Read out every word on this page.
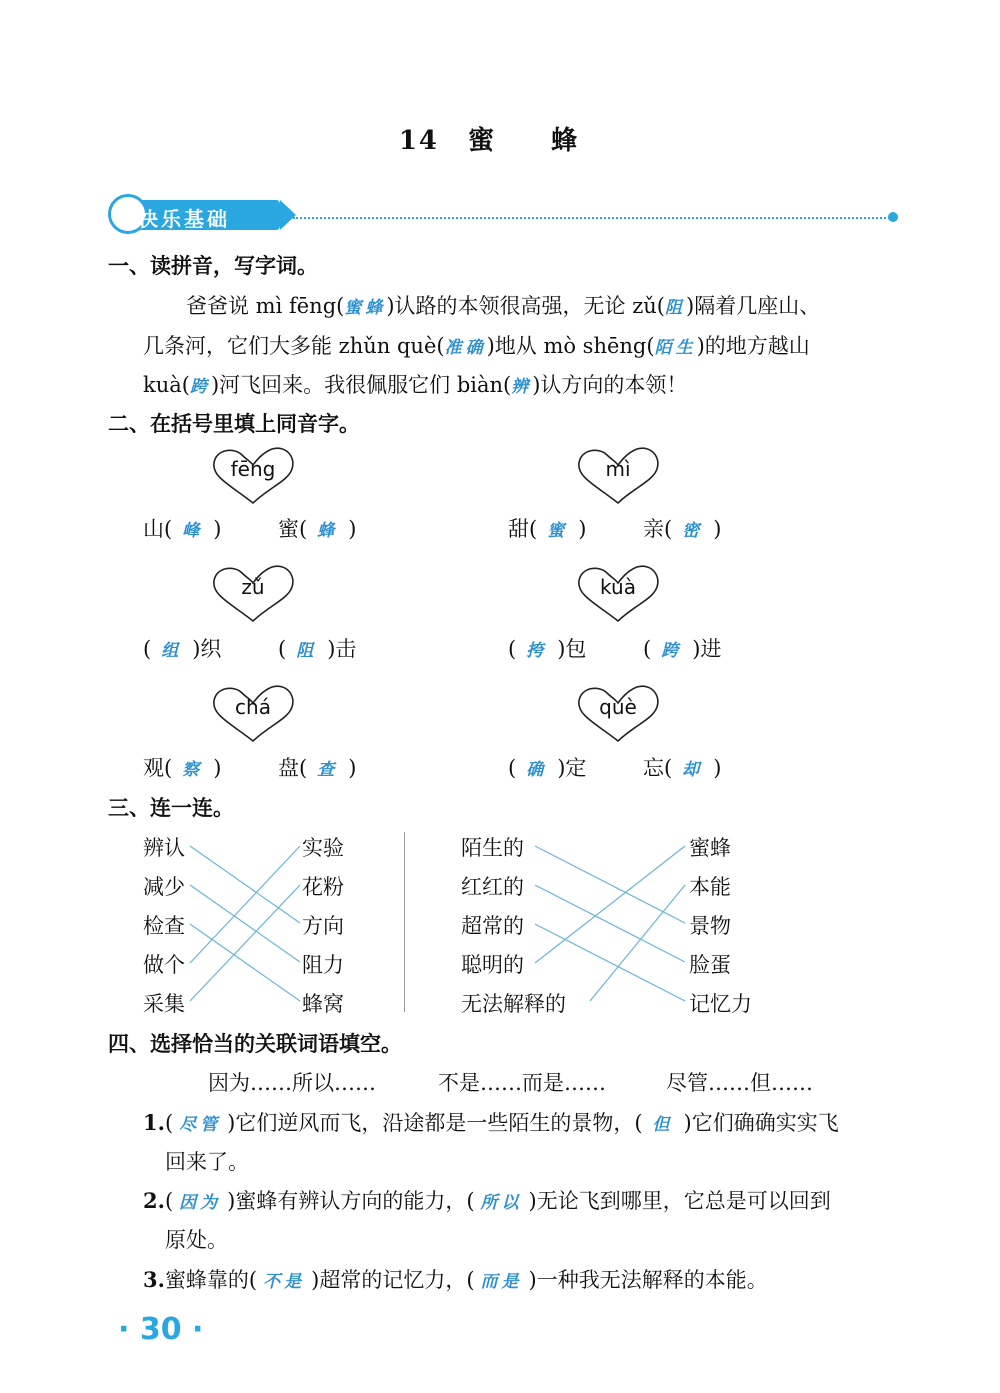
14 蜜 蜂
快乐基础
一、读拼音，写字词。
爸爸说 mì fēng(蜜蜂)认路的本领很高强，无论 zǔ(阻)隔着几座山、
几条河，它们大多能 zhǔn què(准确)地从 mò shēng(陌生)的地方越山
kuà(跨)河飞回来。我很佩服它们 biàn(辨)认方向的本领！
二、在括号里填上同音字。
fēng	mì
山( 峰 )	蜜( 蜂 )	甜( 蜜 )	亲( 密 )
zǔ	kuà
( 组 )织	( 阻 )击	( 挎 )包	( 跨 )进
chá	què
观( 察 )	盘( 查 )	( 确 )定	忘( 却 )
三、连一连。
辨认
减少
检查
做个
采集
实验
花粉
方向
阻力
蜂窝
陌生的
红红的
超常的
聪明的
无法解释的
蜜蜂
本能
景物
脸蛋
记忆力
四、选择恰当的关联词语填空。
因为……所以……	不是……而是……	尽管……但……
1.( 尽管 )它们逆风而飞，沿途都是一些陌生的景物，( 但 )它们确确实实飞
回来了。
2.( 因为 )蜜蜂有辨认方向的能力，( 所以 )无论飞到哪里，它总是可以回到
原处。
3.蜜蜂靠的( 不是 )超常的记忆力，( 而是 )一种我无法解释的本能。
· 30 ·
